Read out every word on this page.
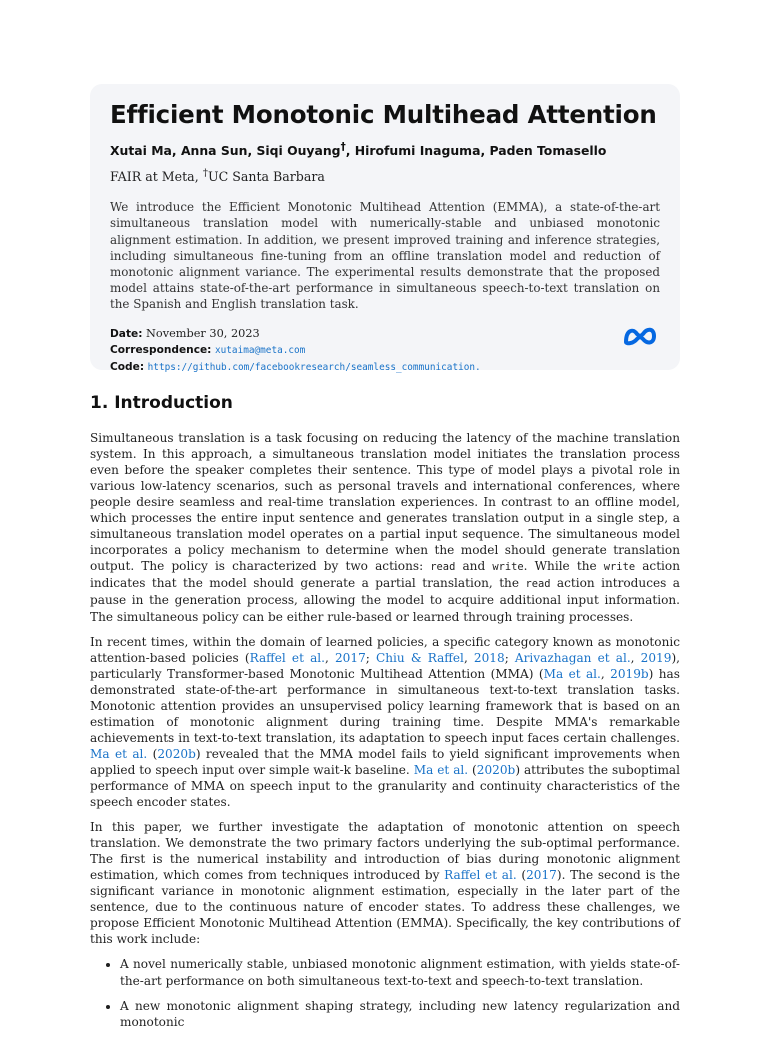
Efficient Monotonic Multihead Attention
Xutai Ma, Anna Sun, Siqi Ouyang†, Hirofumi Inaguma, Paden Tomasello
FAIR at Meta, †UC Santa Barbara
We introduce the Efficient Monotonic Multihead Attention (EMMA), a state-of-the-art simultaneous translation model with numerically-stable and unbiased monotonic alignment estimation. In addition, we present improved training and inference strategies, including simultaneous fine-tuning from an offline translation model and reduction of monotonic alignment variance. The experimental results demonstrate that the proposed model attains state-of-the-art performance in simultaneous speech-to-text translation on the Spanish and English translation task.
Date: November 30, 2023
Correspondence: xutaima@meta.com
Code: https://github.com/facebookresearch/seamless_communication.
1. Introduction

Simultaneous translation is a task focusing on reducing the latency of the machine translation system. In this approach, a simultaneous translation model initiates the translation process even before the speaker completes their sentence. This type of model plays a pivotal role in various low-latency scenarios, such as personal travels and international conferences, where people desire seamless and real-time translation experiences. In contrast to an offline model, which processes the entire input sentence and generates translation output in a single step, a simultaneous translation model operates on a partial input sequence. The simultaneous model incorporates a policy mechanism to determine when the model should generate translation output. The policy is characterized by two actions: read and write. While the write action indicates that the model should generate a partial translation, the read action introduces a pause in the generation process, allowing the model to acquire additional input information. The simultaneous policy can be either rule-based or learned through training processes.

In recent times, within the domain of learned policies, a specific category known as monotonic attention-based policies (Raffel et al., 2017; Chiu & Raffel, 2018; Arivazhagan et al., 2019), particularly Transformer-based Monotonic Multihead Attention (MMA) (Ma et al., 2019b) has demonstrated state-of-the-art performance in simultaneous text-to-text translation tasks. Monotonic attention provides an unsupervised policy learning framework that is based on an estimation of monotonic alignment during training time. Despite MMA's remarkable achievements in text-to-text translation, its adaptation to speech input faces certain challenges. Ma et al. (2020b) revealed that the MMA model fails to yield significant improvements when applied to speech input over simple wait-k baseline. Ma et al. (2020b) attributes the suboptimal performance of MMA on speech input to the granularity and continuity characteristics of the speech encoder states.

In this paper, we further investigate the adaptation of monotonic attention on speech translation. We demonstrate the two primary factors underlying the sub-optimal performance. The first is the numerical instability and introduction of bias during monotonic alignment estimation, which comes from techniques introduced by Raffel et al. (2017). The second is the significant variance in monotonic alignment estimation, especially in the later part of the sentence, due to the continuous nature of encoder states. To address these challenges, we propose Efficient Monotonic Multihead Attention (EMMA). Specifically, the key contributions of this work include:

• A novel numerically stable, unbiased monotonic alignment estimation, with yields state-of-the-art performance on both simultaneous text-to-text and speech-to-text translation.
• A new monotonic alignment shaping strategy, including new latency regularization and monotonic
